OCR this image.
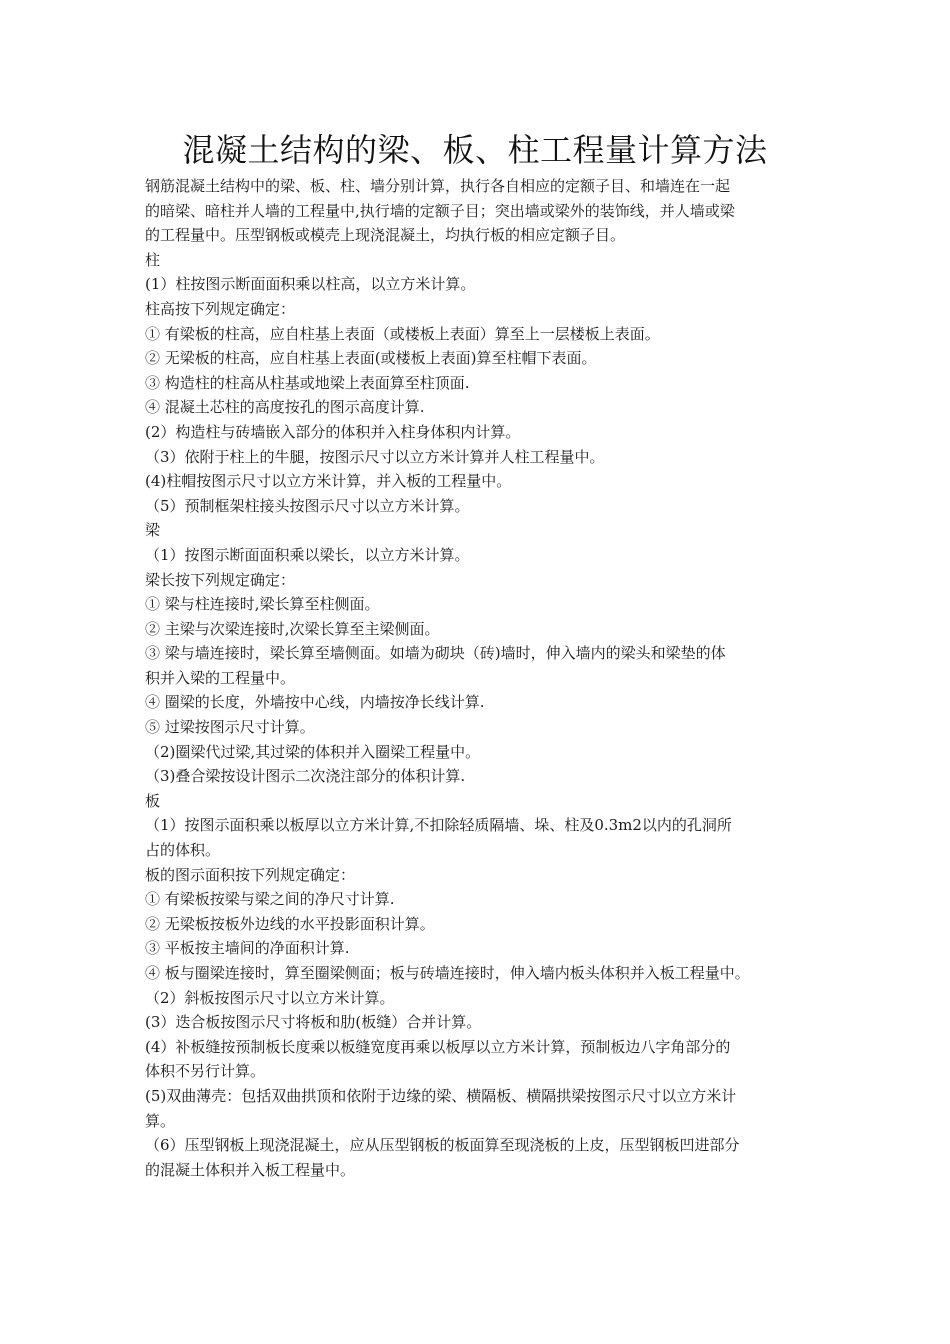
混凝土结构的梁、板、柱工程量计算方法
钢筋混凝土结构中的梁、板、柱、墙分别计算，执行各自相应的定额子目、和墙连在一起
的暗梁、暗柱并人墙的工程量中,执行墙的定额子目；突出墙或梁外的装饰线，并人墙或梁
的工程量中。压型钢板或模壳上现浇混凝土，均执行板的相应定额子目。
柱
(1）柱按图示断面面积乘以柱高，以立方米计算。
柱高按下列规定确定：
① 有梁板的柱高，应自柱基上表面（或楼板上表面）算至上一层楼板上表面。
② 无梁板的柱高，应自柱基上表面(或楼板上表面)算至柱帽下表面。
③ 构造柱的柱高从柱基或地梁上表面算至柱顶面.
④ 混凝土芯柱的高度按孔的图示高度计算.
(2）构造柱与砖墙嵌入部分的体积并入柱身体积内计算。
（3）依附于柱上的牛腿，按图示尺寸以立方米计算并人柱工程量中。
(4)柱帽按图示尺寸以立方米计算，并入板的工程量中。
（5）预制框架柱接头按图示尺寸以立方米计算。
梁
（1）按图示断面面积乘以梁长，以立方米计算。
梁长按下列规定确定：
① 梁与柱连接时,梁长算至柱侧面。
② 主梁与次梁连接时,次梁长算至主梁侧面。
③ 梁与墙连接时，梁长算至墙侧面。如墙为砌块（砖)墙时，伸入墙内的梁头和梁垫的体
积并入梁的工程量中。
④ 圈梁的长度，外墙按中心线，内墙按净长线计算.
⑤ 过梁按图示尺寸计算。
（2)圈梁代过梁,其过梁的体积并入圈梁工程量中。
（3)叠合梁按设计图示二次浇注部分的体积计算.
板
（1）按图示面积乘以板厚以立方米计算,不扣除轻质隔墙、垛、柱及0.3m2以内的孔洞所
占的体积。
板的图示面积按下列规定确定：
① 有梁板按梁与梁之间的净尺寸计算.
② 无梁板按板外边线的水平投影面积计算。
③ 平板按主墙间的净面积计算.
④ 板与圈梁连接时，算至圈梁侧面；板与砖墙连接时，伸入墙内板头体积并入板工程量中。
（2）斜板按图示尺寸以立方米计算。
(3）迭合板按图示尺寸将板和肋(板缝）合并计算。
(4）补板缝按预制板长度乘以板缝宽度再乘以板厚以立方米计算，预制板边八字角部分的
体积不另行计算。
(5)双曲薄壳：包括双曲拱顶和依附于边缘的梁、横隔板、横隔拱梁按图示尺寸以立方米计
算。
（6）压型钢板上现浇混凝土，应从压型钢板的板面算至现浇板的上皮，压型钢板凹进部分
的混凝土体积并入板工程量中。
